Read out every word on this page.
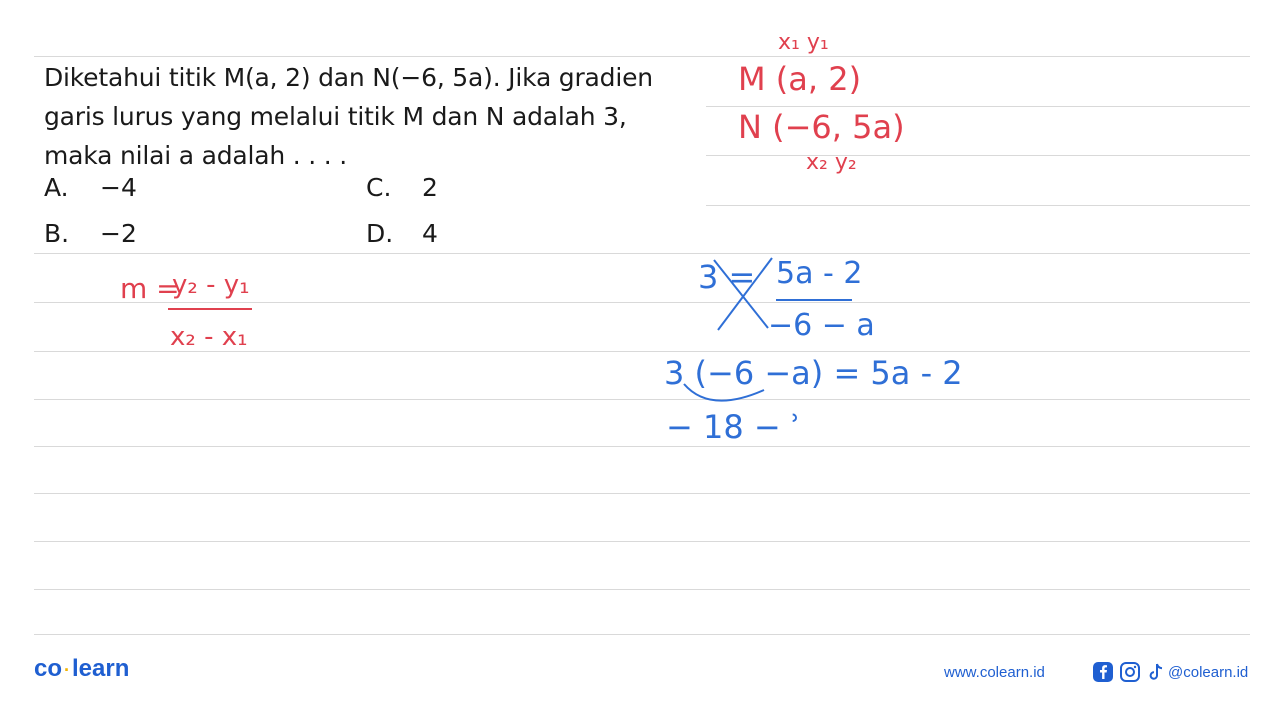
Diketahui titik M(a, 2) dan N(−6, 5a). Jika gradien
garis lurus yang melalui titik M dan N adalah 3,
maka nilai a adalah . . . .
A. −4
B. −2
C. 2
D. 4
x₁ y₁
M (a, 2)
N (−6, 5a)
x₂ y₂
m =
y₂ - y₁
x₂ - x₁
3 = 5a - 2
−6 − a
3 (−6 −a) = 5a - 2
− 18 − ʾ
co ·learn	www.colearn.id	@colearn.id
